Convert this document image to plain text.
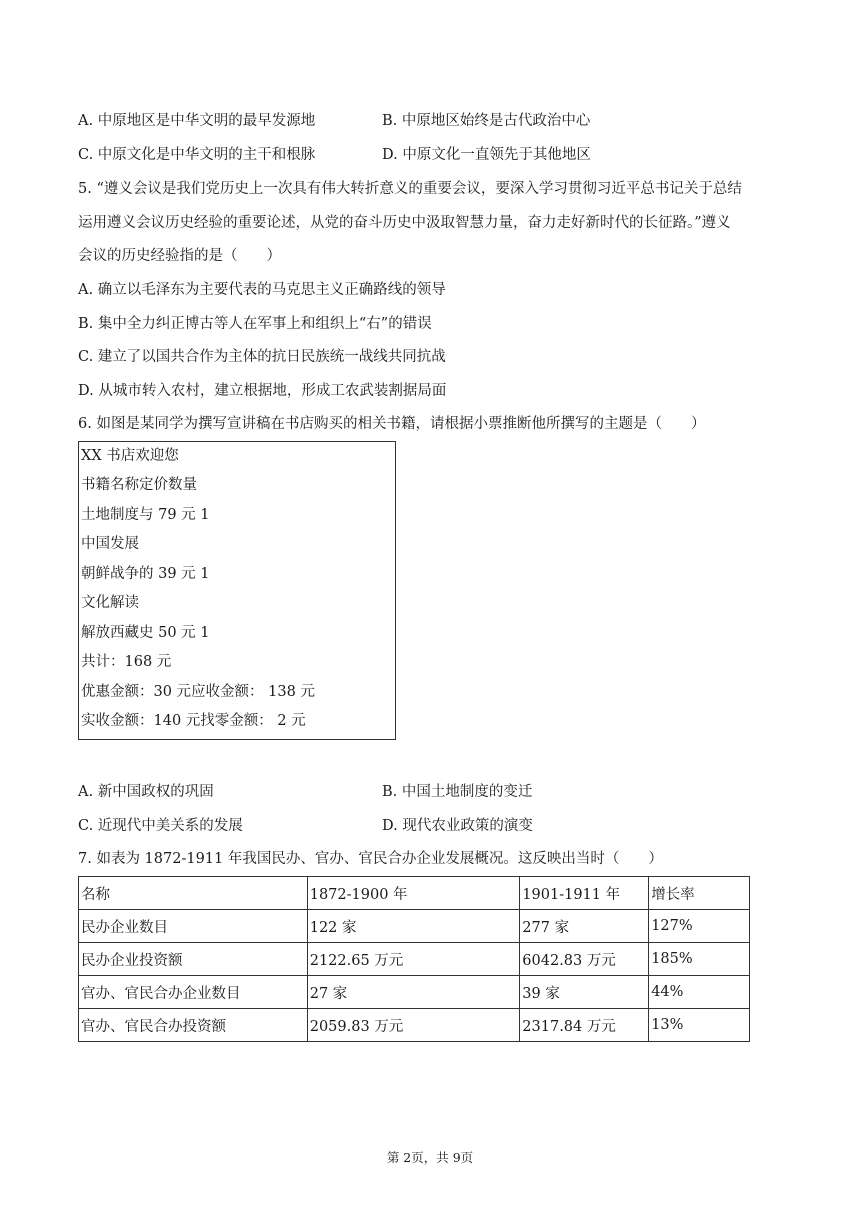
A. 中原地区是中华文明的最早发源地	B. 中原地区始终是古代政治中心
C. 中原文化是中华文明的主干和根脉	D. 中原文化一直领先于其他地区
5. “遵义会议是我们党历史上一次具有伟大转折意义的重要会议，要深入学习贯彻习近平总书记关于总结
运用遵义会议历史经验的重要论述，从党的奋斗历史中汲取智慧力量，奋力走好新时代的长征路。”遵义
会议的历史经验指的是（　　）
A. 确立以毛泽东为主要代表的马克思主义正确路线的领导
B. 集中全力纠正博古等人在军事上和组织上“右”的错误
C. 建立了以国共合作为主体的抗日民族统一战线共同抗战
D. 从城市转入农村，建立根据地，形成工农武装割据局面
6. 如图是某同学为撰写宣讲稿在书店购买的相关书籍，请根据小票推断他所撰写的主题是（　　）
XX 书店欢迎您
书籍名称定价数量
土地制度与 79 元 1
中国发展
朝鲜战争的 39 元 1
文化解读
解放西藏史 50 元 1
共计：168 元
优惠金额：30 元应收金额： 138 元
实收金额：140 元找零金额： 2 元
A. 新中国政权的巩固	B. 中国土地制度的变迁
C. 近现代中美关系的发展	D. 现代农业政策的演变
7. 如表为 1872-1911 年我国民办、官办、官民合办企业发展概况。这反映出当时（　　）
名称	1872-1900 年	1901-1911 年	增长率
民办企业数目	122 家	277 家	127%
民办企业投资额	2122.65 万元	6042.83 万元	185%
官办、官民合办企业数目	27 家	39 家	44%
官办、官民合办投资额	2059.83 万元	2317.84 万元	13%
第 2页，共 9页
